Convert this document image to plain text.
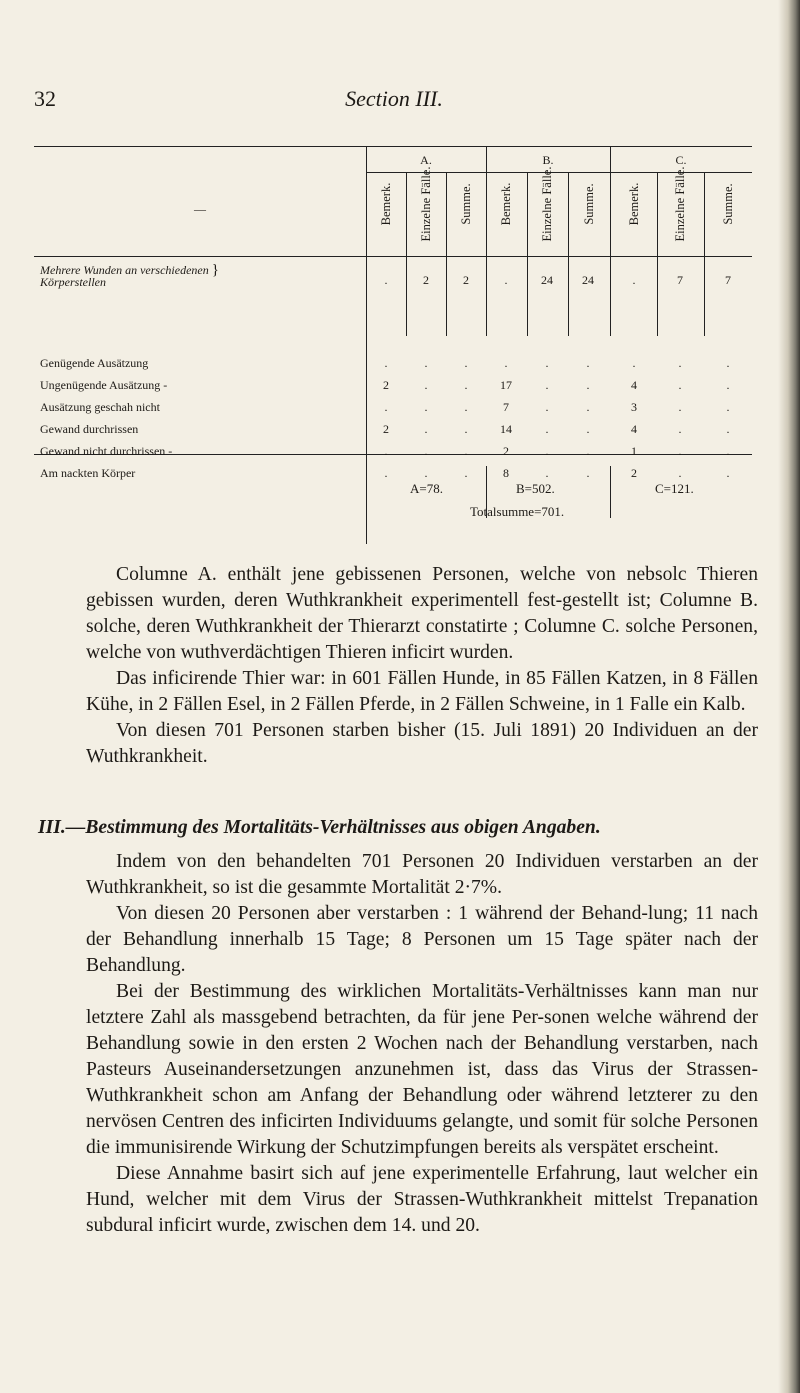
32	Section III.
A.	B.	C.
—	Bemerk.	Einzelne Fälle.	Summe.	Bemerk.	Einzelne Fälle.	Summe.	Bemerk.	Einzelne Fälle.	Summe.
Mehrere Wunden an verschiedenen }
Körperstellen	.	2	2	.	24	24	.	7	7
Genügende Ausätzung	.	.	.	.	.	.	.	.	.
Ungenügende Ausätzung -	2	.	.	17	.	.	4	.	.
Ausätzung geschah nicht	.	.	.	7	.	.	3	.	.
Gewand durchrissen	2	.	.	14	.	.	4	.	.
Gewand nicht durchrissen -	.	.	.	2	.	.	1	.	.
Am nackten Körper	.	.	.	8	.	.	2	.	.
A=78.	B=502.	C=121.
Totalsumme=701.

Columne A. enthält jene gebissenen Personen, welche von nebsolc Thieren gebissen wurden, deren Wuthkrankheit experimentell fest-gestellt ist; Columne B. solche, deren Wuthkrankheit der Thierarzt constatirte ; Columne C. solche Personen, welche von wuthverdächtigen Thieren inficirt wurden.

Das inficirende Thier war: in 601 Fällen Hunde, in 85 Fällen Katzen, in 8 Fällen Kühe, in 2 Fällen Esel, in 2 Fällen Pferde, in 2 Fällen Schweine, in 1 Falle ein Kalb.

Von diesen 701 Personen starben bisher (15. Juli 1891) 20 Individuen an der Wuthkrankheit.

III.—Bestimmung des Mortalitäts-Verhältnisses aus obigen Angaben.

Indem von den behandelten 701 Personen 20 Individuen verstarben an der Wuthkrankheit, so ist die gesammte Mortalität 2·7%.

Von diesen 20 Personen aber verstarben : 1 während der Behand-lung; 11 nach der Behandlung innerhalb 15 Tage; 8 Personen um 15 Tage später nach der Behandlung.

Bei der Bestimmung des wirklichen Mortalitäts-Verhältnisses kann man nur letztere Zahl als massgebend betrachten, da für jene Per-sonen welche während der Behandlung sowie in den ersten 2 Wochen nach der Behandlung verstarben, nach Pasteurs Auseinandersetzungen anzunehmen ist, dass das Virus der Strassen-Wuthkrankheit schon am Anfang der Behandlung oder während letzterer zu den nervösen Centren des inficirten Individuums gelangte, und somit für solche Personen die immunisirende Wirkung der Schutzimpfungen bereits als verspätet erscheint.

Diese Annahme basirt sich auf jene experimentelle Erfahrung, laut welcher ein Hund, welcher mit dem Virus der Strassen-Wuthkrankheit mittelst Trepanation subdural inficirt wurde, zwischen dem 14. und 20.
